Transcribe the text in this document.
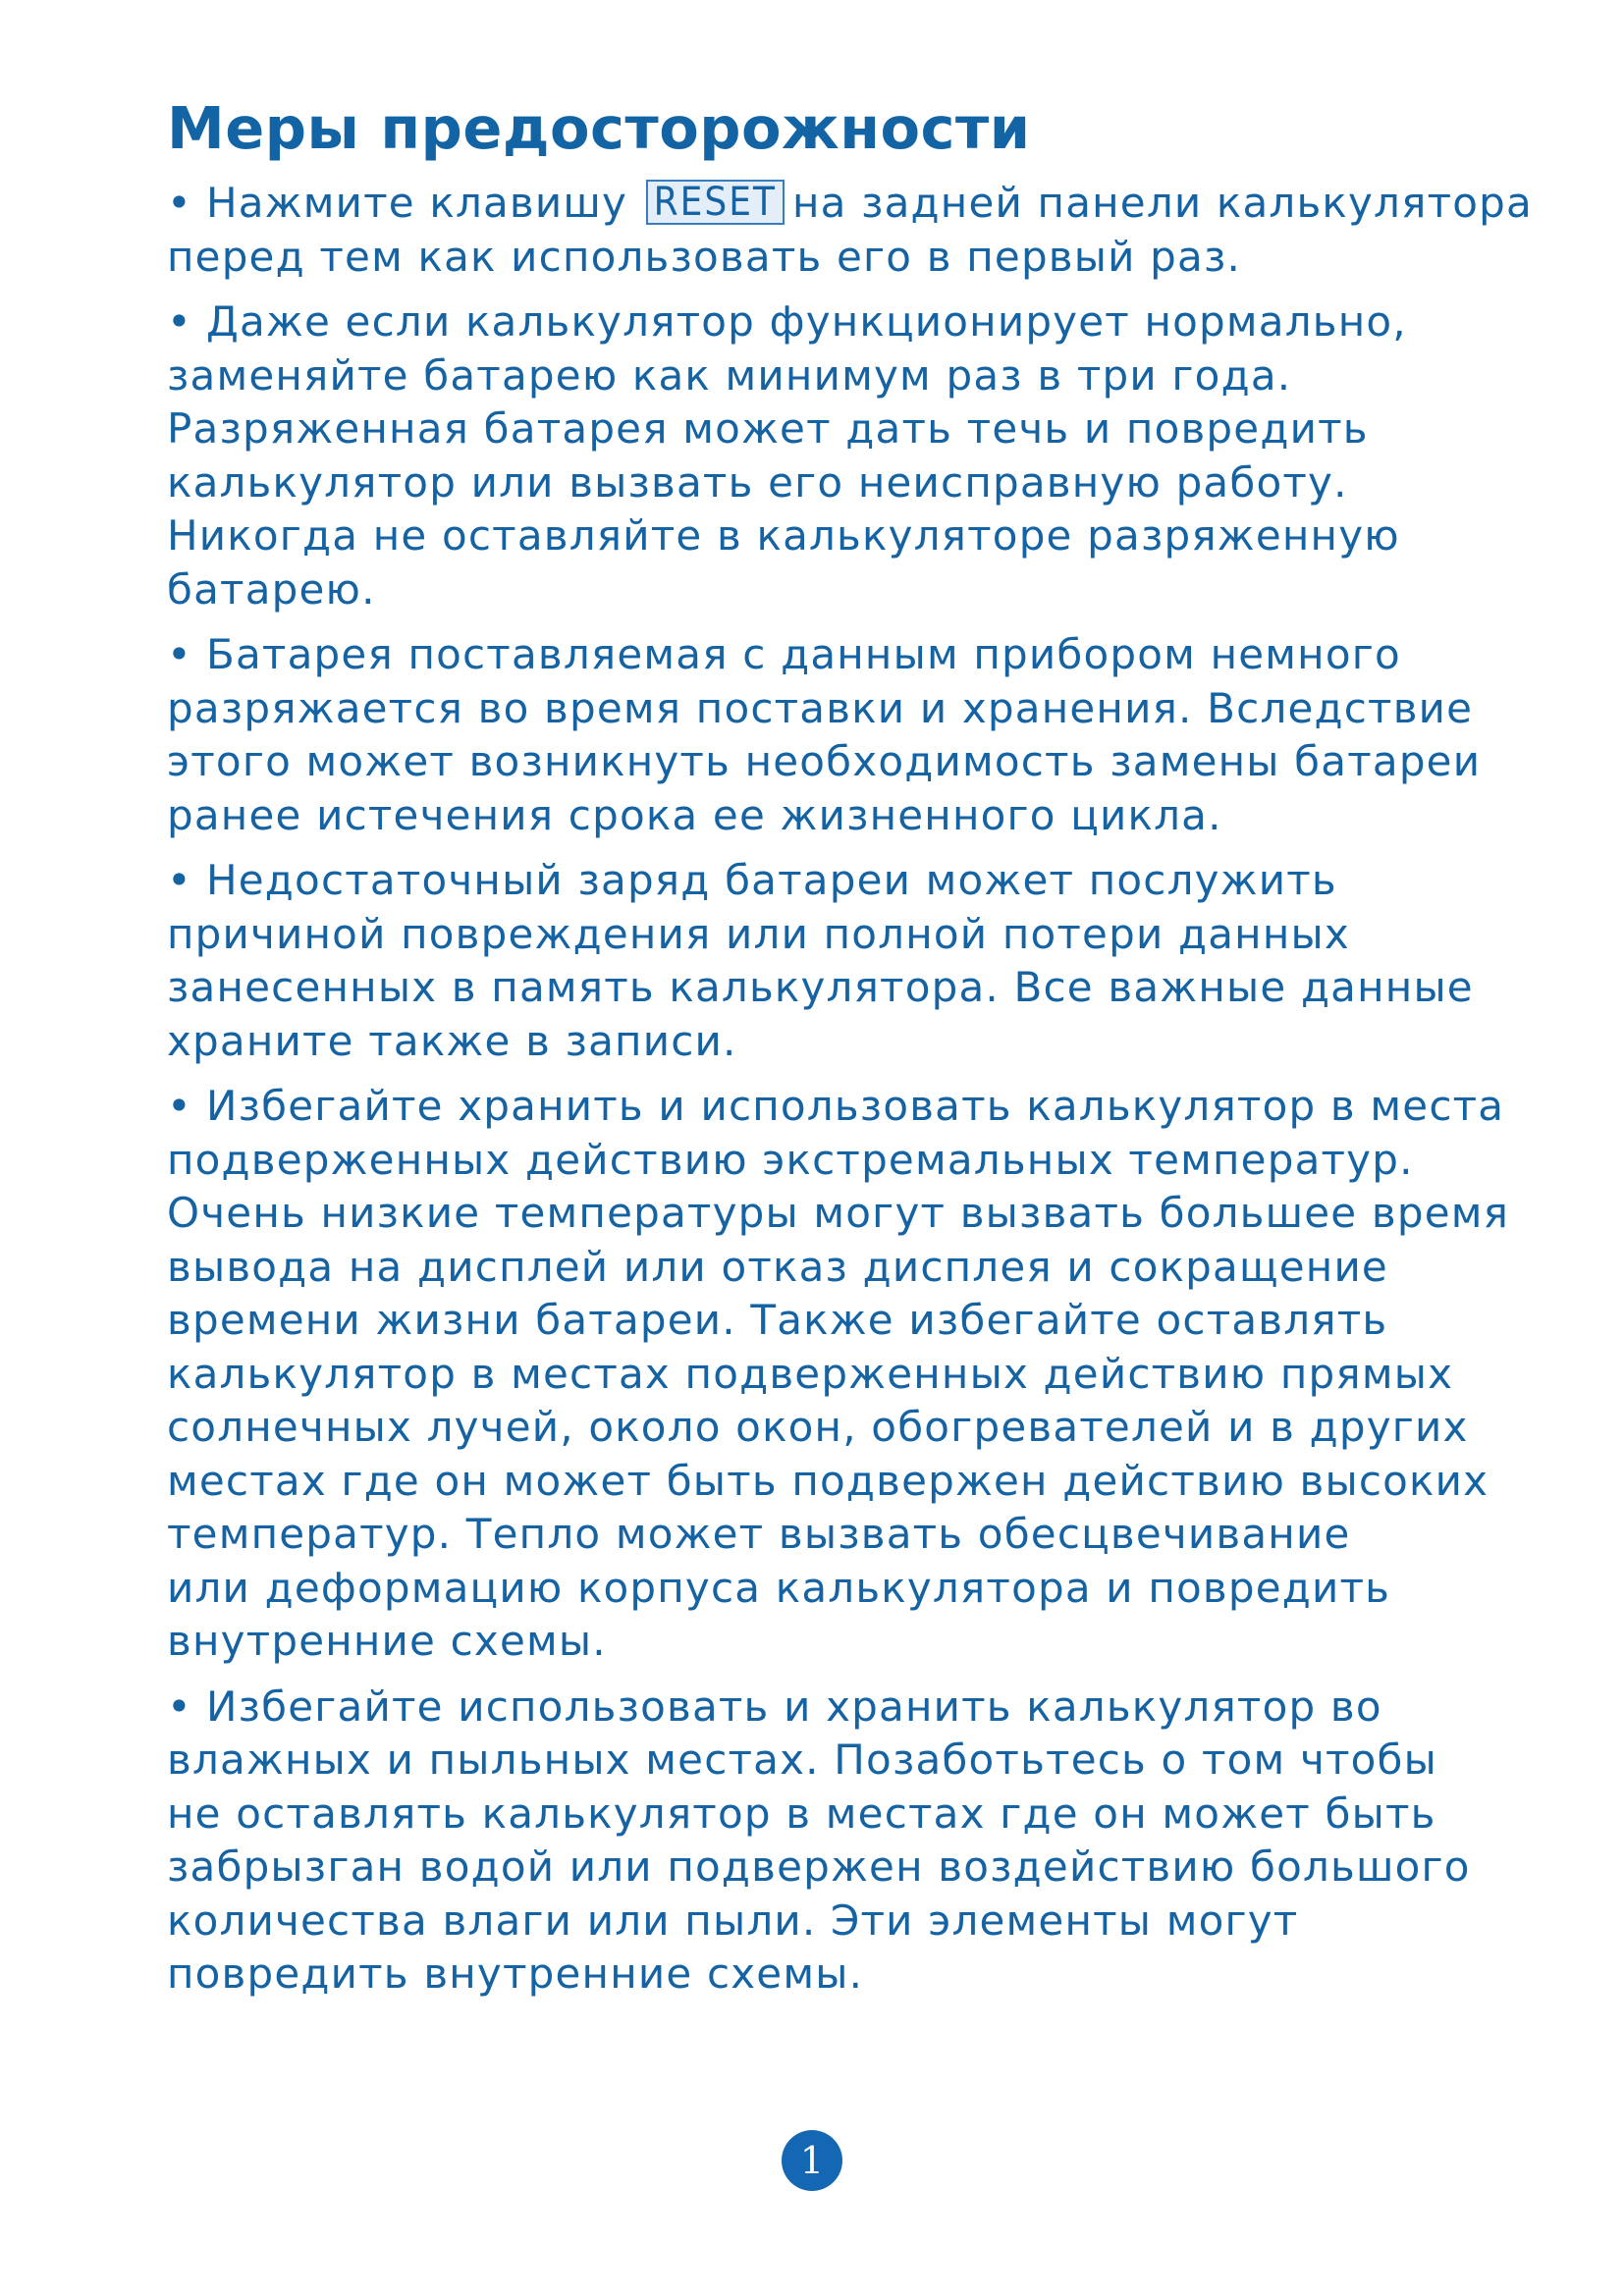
Меры предосторожности
• Нажмите клавишу RESET на задней панели калькулятора
перед тем как использовать его в первый раз.
• Даже если калькулятор функционирует нормально,
заменяйте батарею как минимум раз в три года.
Разряженная батарея может дать течь и повредить
калькулятор или вызвать его неисправную работу.
Никогда не оставляйте в калькуляторе разряженную
батарею.
• Батарея поставляемая с данным прибором немного
разряжается во время поставки и хранения. Вследствие
этого может возникнуть необходимость замены батареи
ранее истечения срока ее жизненного цикла.
• Недостаточный заряд батареи может послужить
причиной повреждения или полной потери данных
занесенных в память калькулятора. Все важные данные
храните также в записи.
• Избегайте хранить и использовать калькулятор в места
подверженных действию экстремальных температур.
Очень низкие температуры могут вызвать большее время
вывода на дисплей или отказ дисплея и сокращение
времени жизни батареи. Также избегайте оставлять
калькулятор в местах подверженных действию прямых
солнечных лучей, около окон, обогревателей и в других
местах где он может быть подвержен действию высоких
температур. Тепло может вызвать обесцвечивание
или деформацию корпуса калькулятора и повредить
внутренние схемы.
• Избегайте использовать и хранить калькулятор во
влажных и пыльных местах. Позаботьтесь о том чтобы
не оставлять калькулятор в местах где он может быть
забрызган водой или подвержен воздействию большого
количества влаги или пыли. Эти элементы могут
повредить внутренние схемы.
1
